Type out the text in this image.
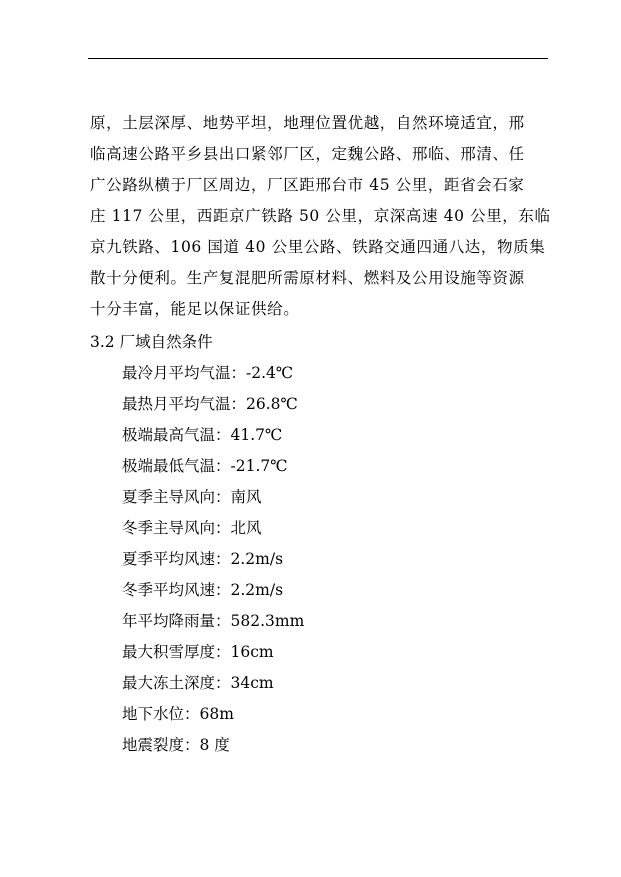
原，土层深厚、地势平坦，地理位置优越，自然环境适宜，邢
临高速公路平乡县出口紧邻厂区，定魏公路、邢临、邢清、任
广公路纵横于厂区周边，厂区距邢台市 45 公里，距省会石家
庄 117 公里，西距京广铁路 50 公里，京深高速 40 公里，东临
京九铁路、106 国道 40 公里公路、铁路交通四通八达，物质集
散十分便利。生产复混肥所需原材料、燃料及公用设施等资源
十分丰富，能足以保证供给。
3.2 厂域自然条件
最冷月平均气温：-2.4℃
最热月平均气温：26.8℃
极端最高气温：41.7℃
极端最低气温：-21.7℃
夏季主导风向：南风
冬季主导风向：北风
夏季平均风速：2.2m/s
冬季平均风速：2.2m/s
年平均降雨量：582.3mm
最大积雪厚度：16cm
最大冻土深度：34cm
地下水位：68m
地震裂度：8 度
